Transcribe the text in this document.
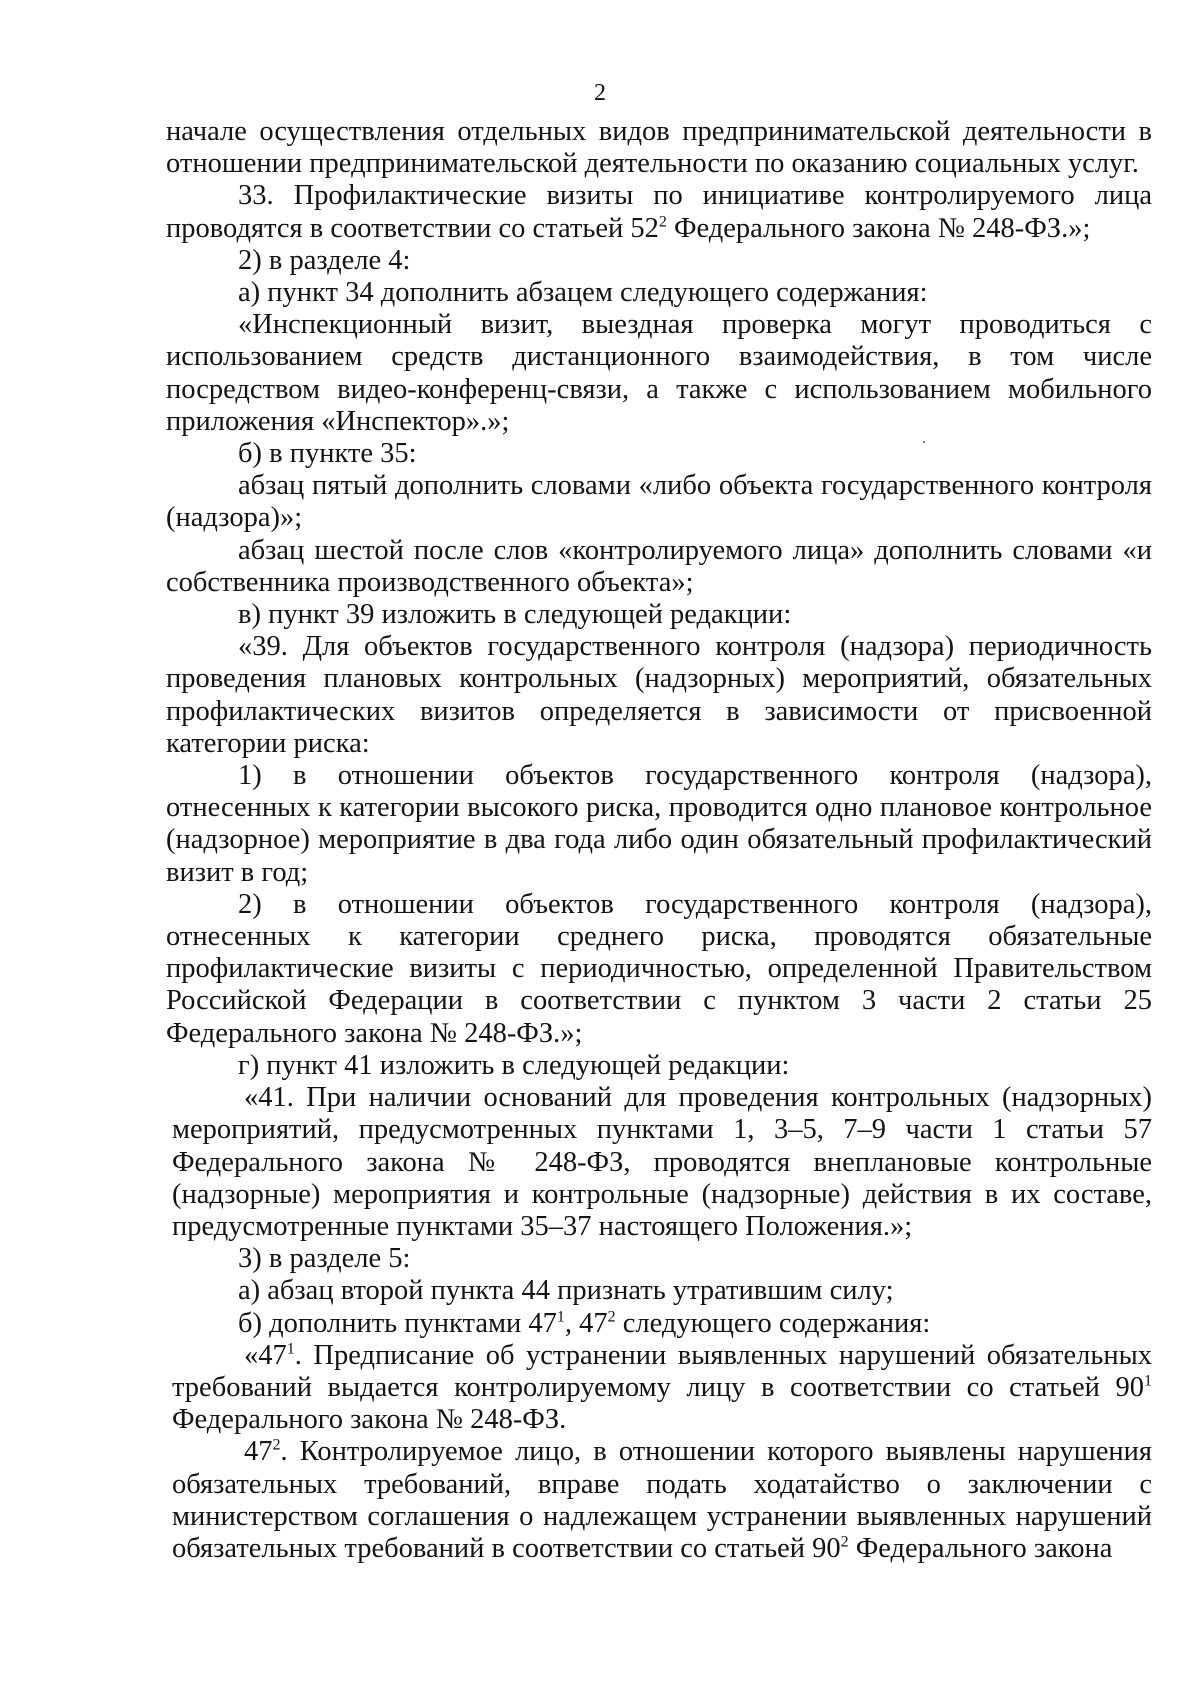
2

начале осуществления отдельных видов предпринимательской деятельности в отношении предпринимательской деятельности по оказанию социальных услуг.

33. Профилактические визиты по инициативе контролируемого лица проводятся в соответствии со статьей $52^2$ Федерального закона № 248-ФЗ.»;

2) в разделе 4:

а) пункт 34 дополнить абзацем следующего содержания:

«Инспекционный визит, выездная проверка могут проводиться с использованием средств дистанционного взаимодействия, в том числе посредством видео-конференц-связи, а также с использованием мобильного приложения «Инспектор».»;

б) в пункте 35:

абзац пятый дополнить словами «либо объекта государственного контроля (надзора)»;

абзац шестой после слов «контролируемого лица» дополнить словами «и собственника производственного объекта»;

в) пункт 39 изложить в следующей редакции:

«39. Для объектов государственного контроля (надзора) периодичность проведения плановых контрольных (надзорных) мероприятий, обязательных профилактических визитов определяется в зависимости от присвоенной категории риска:

1) в отношении объектов государственного контроля (надзора), отнесенных к категории высокого риска, проводится одно плановое контрольное (надзорное) мероприятие в два года либо один обязательный профилактический визит в год;

2) в отношении объектов государственного контроля (надзора), отнесенных к категории среднего риска, проводятся обязательные профилактические визиты с периодичностью, определенной Правительством Российской Федерации в соответствии с пунктом 3 части 2 статьи 25 Федерального закона № 248-ФЗ.»;

г) пункт 41 изложить в следующей редакции:

«41. При наличии оснований для проведения контрольных (надзорных) мероприятий, предусмотренных пунктами 1, 3–5, 7–9 части 1 статьи 57 Федерального закона № 248-ФЗ, проводятся внеплановые контрольные (надзорные) мероприятия и контрольные (надзорные) действия в их составе, предусмотренные пунктами 35–37 настоящего Положения.»;

3) в разделе 5:

а) абзац второй пункта 44 признать утратившим силу;

б) дополнить пунктами $47^1$, $47^2$ следующего содержания:

«$47^1$. Предписание об устранении выявленных нарушений обязательных требований выдается контролируемому лицу в соответствии со статьей $90^1$ Федерального закона № 248-ФЗ.

$47^2$. Контролируемое лицо, в отношении которого выявлены нарушения обязательных требований, вправе подать ходатайство о заключении с министерством соглашения о надлежащем устранении выявленных нарушений обязательных требований в соответствии со статьей $90^2$ Федерального закона
